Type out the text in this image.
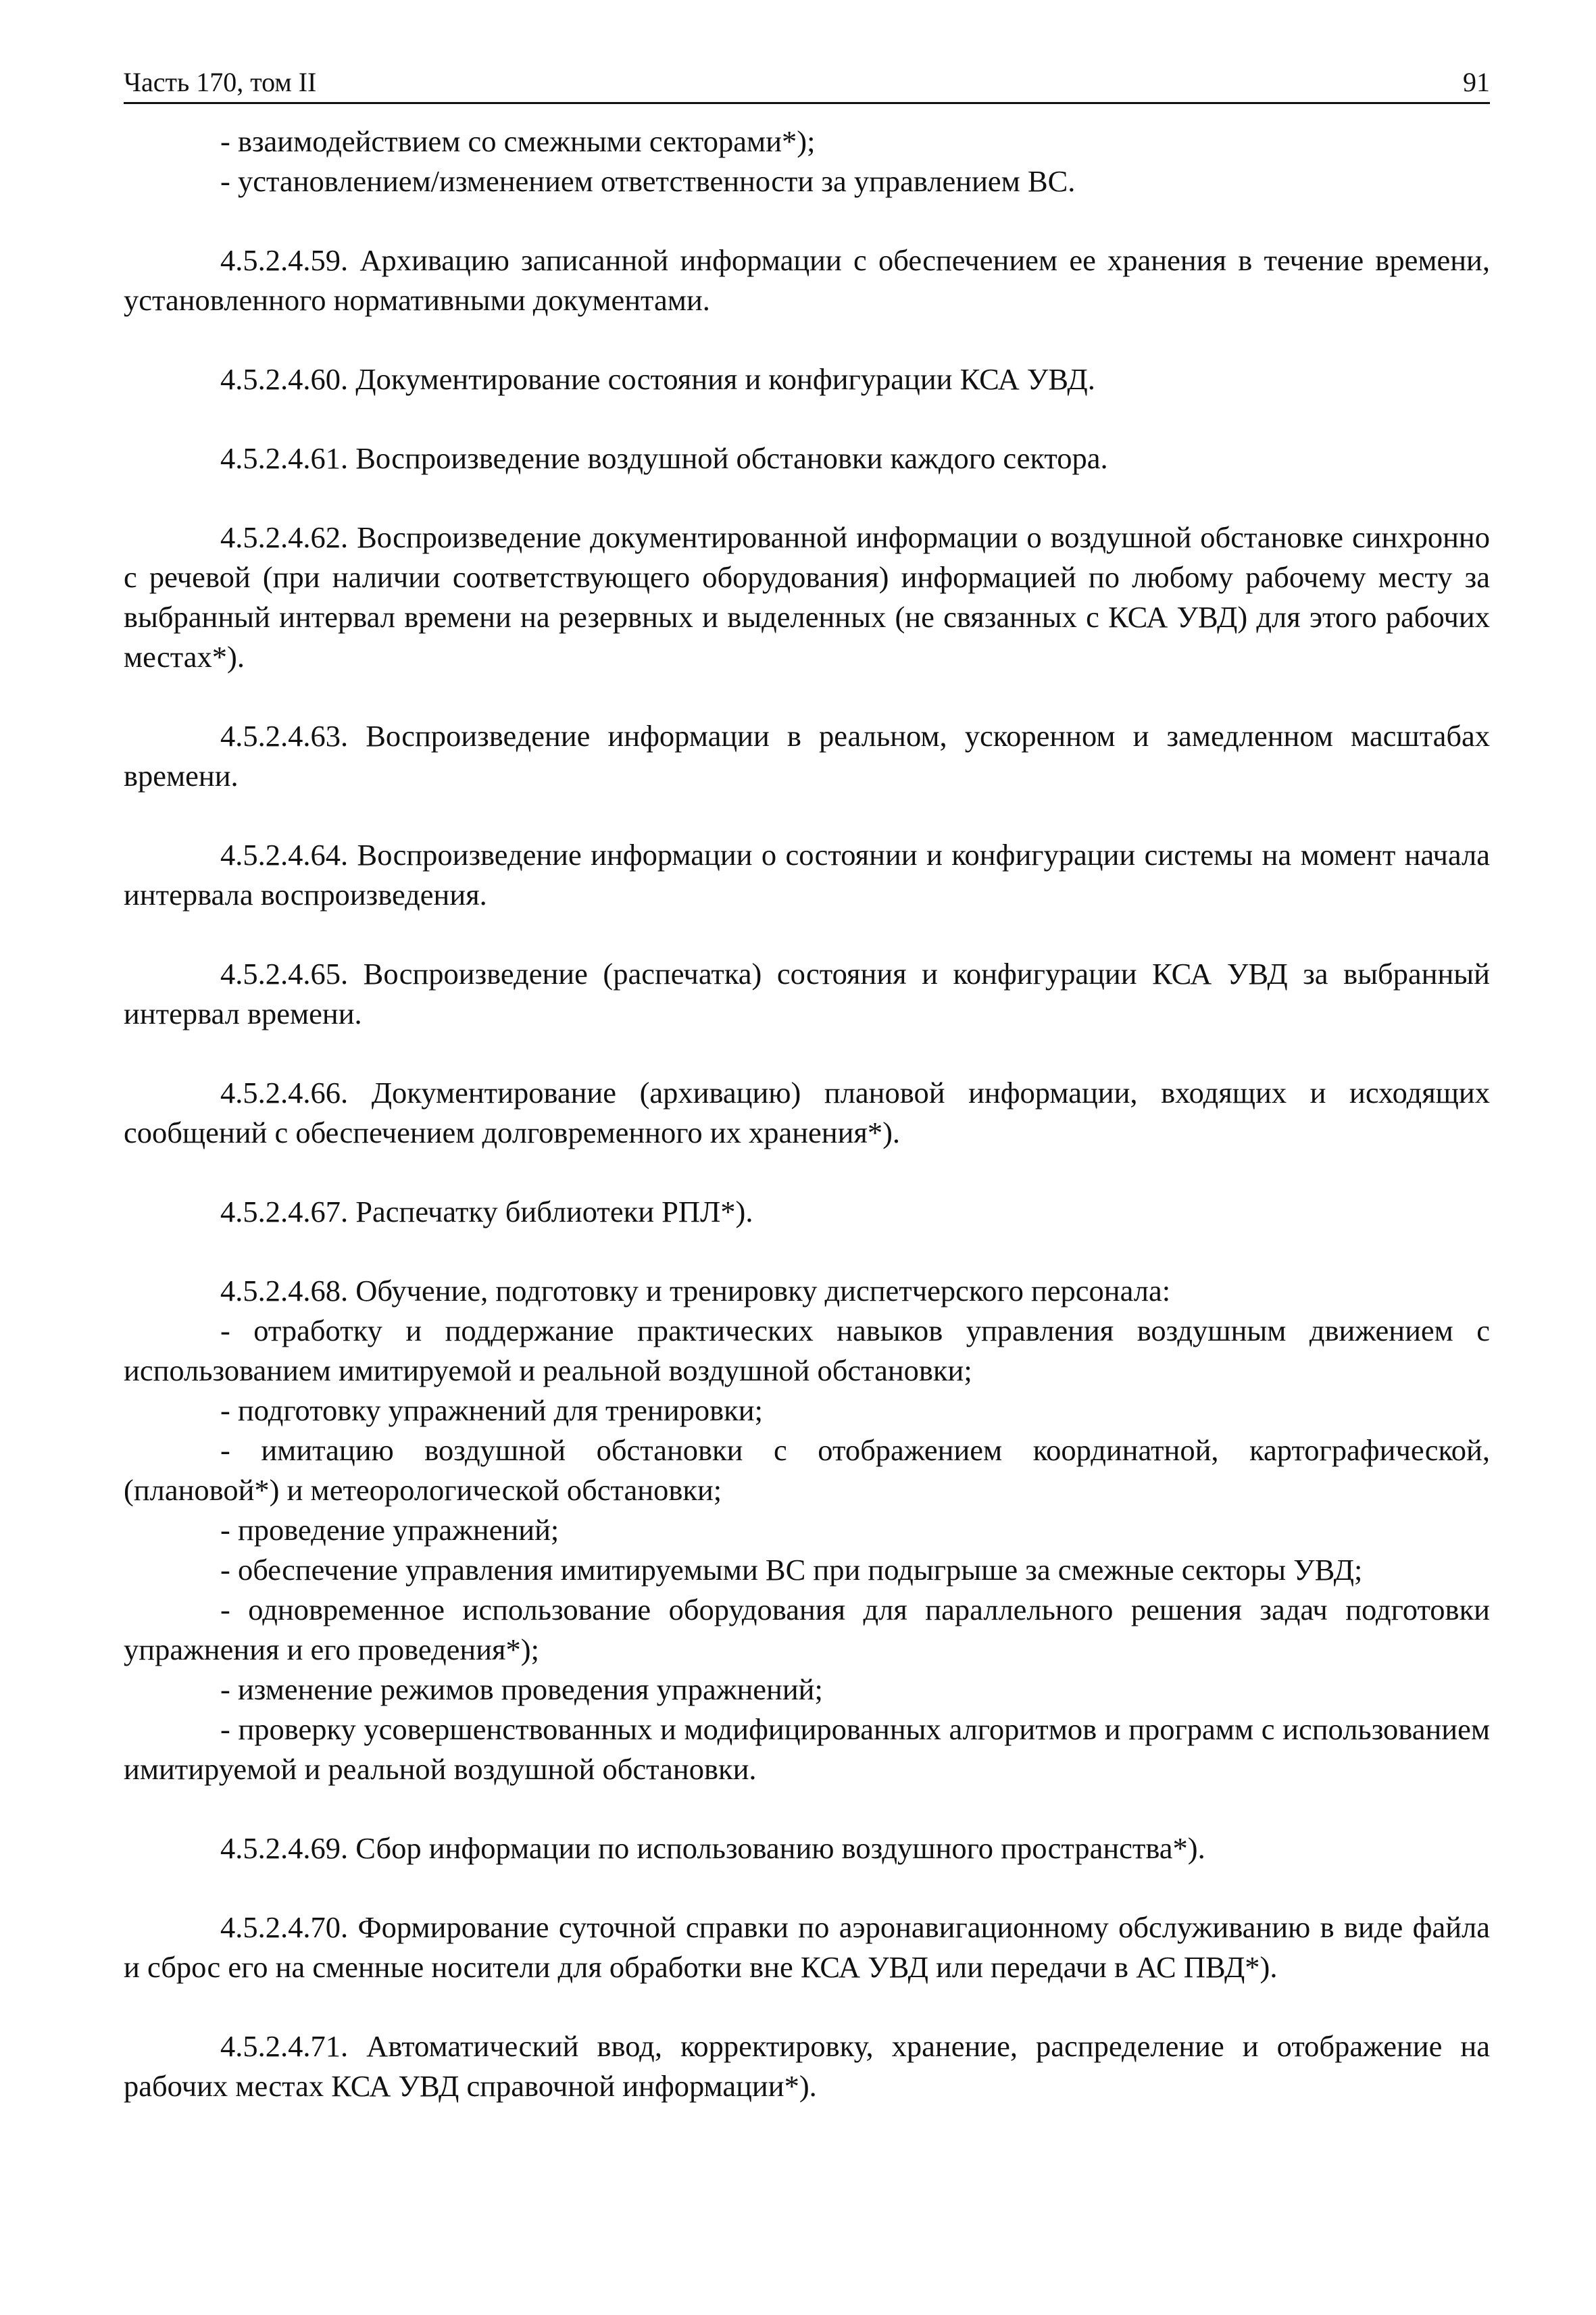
Часть 170, том II	91

- взаимодействием со смежными секторами*);

- установлением/изменением ответственности за управлением ВС.

4.5.2.4.59. Архивацию записанной информации с обеспечением ее хранения в течение времени, установленного нормативными документами.

4.5.2.4.60. Документирование состояния и конфигурации КСА УВД.

4.5.2.4.61. Воспроизведение воздушной обстановки каждого сектора.

4.5.2.4.62. Воспроизведение документированной информации о воздушной обстановке синхронно с речевой (при наличии соответствующего оборудования) информацией по любому рабочему месту за выбранный интервал времени на резервных и выделенных (не связанных с КСА УВД) для этого рабочих местах*).

4.5.2.4.63. Воспроизведение информации в реальном, ускоренном и замедленном масштабах времени.

4.5.2.4.64. Воспроизведение информации о состоянии и конфигурации системы на момент начала интервала воспроизведения.

4.5.2.4.65. Воспроизведение (распечатка) состояния и конфигурации КСА УВД за выбранный интервал времени.

4.5.2.4.66. Документирование (архивацию) плановой информации, входящих и исходящих сообщений с обеспечением долговременного их хранения*).

4.5.2.4.67. Распечатку библиотеки РПЛ*).

4.5.2.4.68. Обучение, подготовку и тренировку диспетчерского персонала:

- отработку и поддержание практических навыков управления воздушным движением с использованием имитируемой и реальной воздушной обстановки;

- подготовку упражнений для тренировки;

- имитацию воздушной обстановки с отображением координатной, картографической, (плановой*) и метеорологической обстановки;

- проведение упражнений;

- обеспечение управления имитируемыми ВС при подыгрыше за смежные секторы УВД;

- одновременное использование оборудования для параллельного решения задач подготовки упражнения и его проведения*);

- изменение режимов проведения упражнений;

- проверку усовершенствованных и модифицированных алгоритмов и программ с использованием имитируемой и реальной воздушной обстановки.

4.5.2.4.69. Сбор информации по использованию воздушного пространства*).

4.5.2.4.70. Формирование суточной справки по аэронавигационному обслуживанию в виде файла и сброс его на сменные носители для обработки вне КСА УВД или передачи в АС ПВД*).

4.5.2.4.71. Автоматический ввод, корректировку, хранение, распределение и отображение на рабочих местах КСА УВД справочной информации*).
